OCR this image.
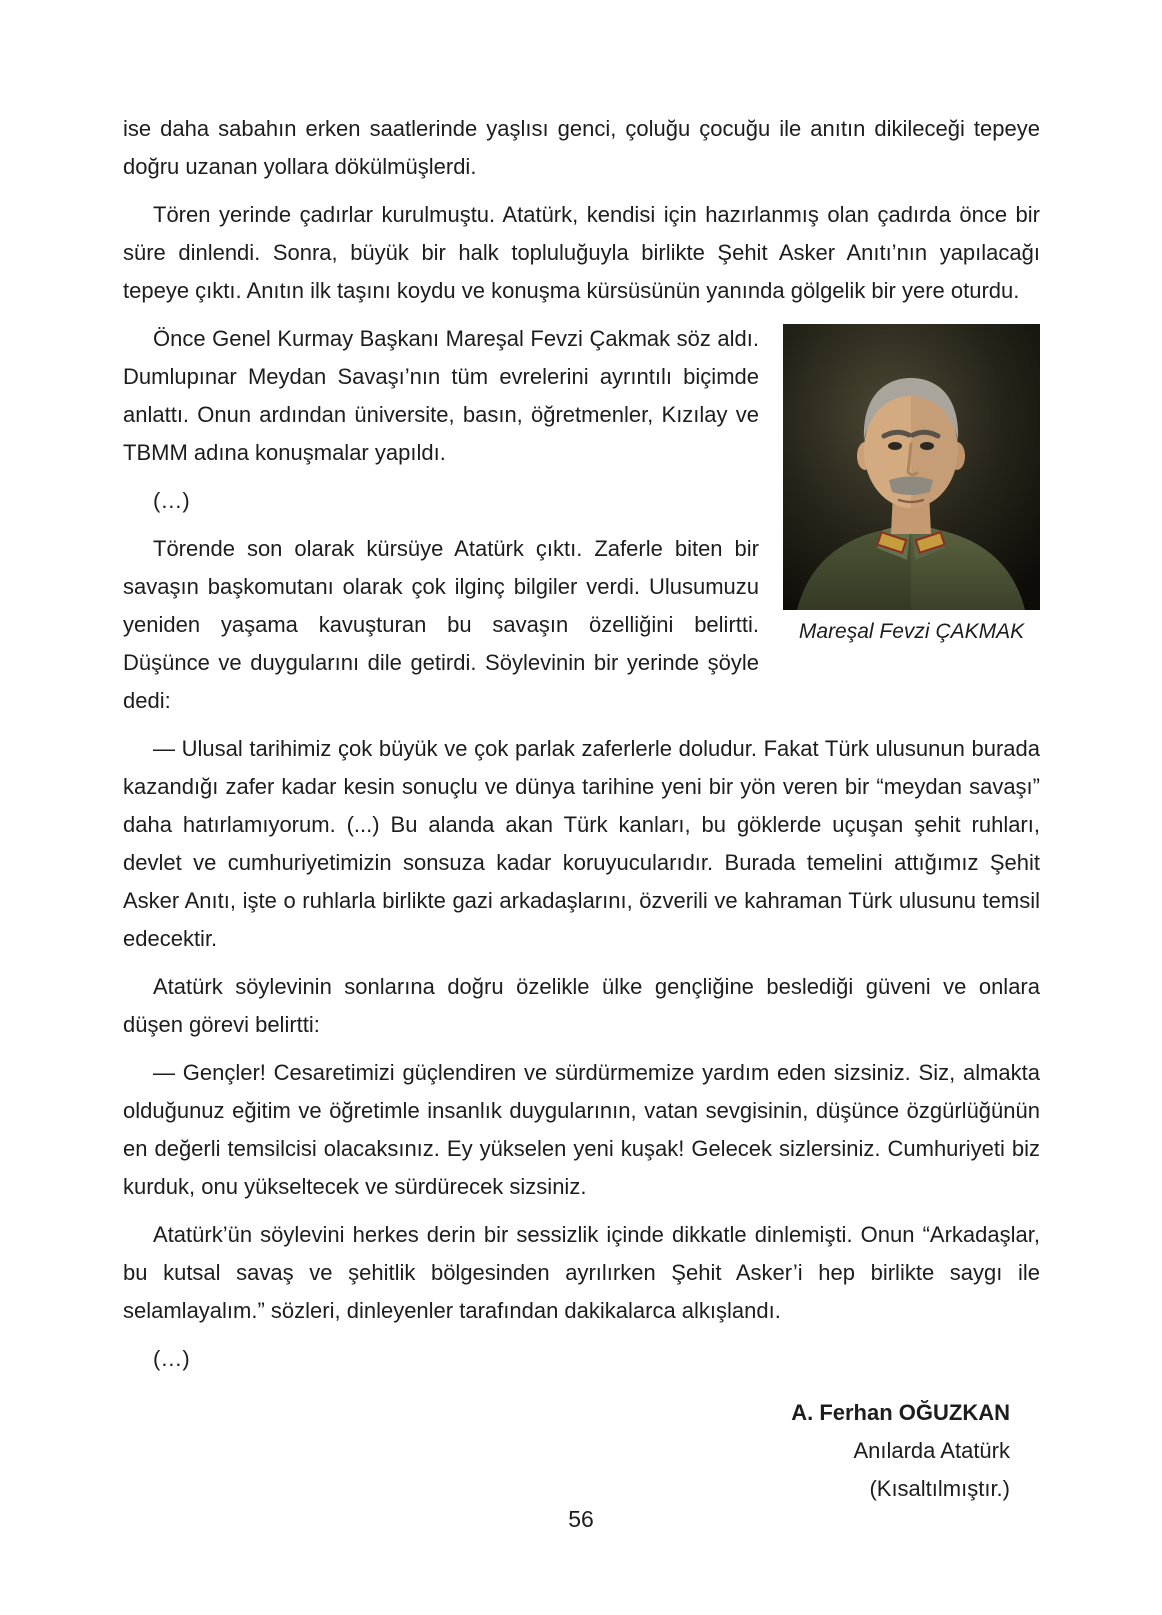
ise daha sabahın erken saatlerinde yaşlısı genci, çoluğu çocuğu ile anıtın dikileceği tepeye doğru uzanan yollara dökülmüşlerdi.

Tören yerinde çadırlar kurulmuştu. Atatürk, kendisi için hazırlanmış olan çadırda önce bir süre dinlendi. Sonra, büyük bir halk topluluğuyla birlikte Şehit Asker Anıtı’nın yapılacağı tepeye çıktı. Anıtın ilk taşını koydu ve konuşma kürsüsünün yanında gölgelik bir yere oturdu.

Mareşal Fevzi ÇAKMAK

Önce Genel Kurmay Başkanı Mareşal Fevzi Çakmak söz aldı. Dumlupınar Meydan Savaşı’nın tüm evrelerini ayrıntılı biçimde anlattı. Onun ardından üniversite, basın, öğretmenler, Kızılay ve TBMM adına konuşmalar yapıldı.

(…)

Törende son olarak kürsüye Atatürk çıktı. Zaferle biten bir savaşın başkomutanı olarak çok ilginç bilgiler verdi. Ulusumuzu yeniden yaşama kavuşturan bu savaşın özelliğini belirtti. Düşünce ve duygularını dile getirdi. Söylevinin bir yerinde şöyle dedi:

— Ulusal tarihimiz çok büyük ve çok parlak zaferlerle doludur. Fakat Türk ulusunun burada kazandığı zafer kadar kesin sonuçlu ve dünya tarihine yeni bir yön veren bir “meydan savaşı” daha hatırlamıyorum. (...) Bu alanda akan Türk kanları, bu göklerde uçuşan şehit ruhları, devlet ve cumhuriyetimizin sonsuza kadar koruyucularıdır. Burada temelini attığımız Şehit Asker Anıtı, işte o ruhlarla birlikte gazi arkadaşlarını, özverili ve kahraman Türk ulusunu temsil edecektir.

Atatürk söylevinin sonlarına doğru özelikle ülke gençliğine beslediği güveni ve onlara düşen görevi belirtti:

— Gençler! Cesaretimizi güçlendiren ve sürdürmemize yardım eden sizsiniz. Siz, almakta olduğunuz eğitim ve öğretimle insanlık duygularının, vatan sevgisinin, düşünce özgürlüğünün en değerli temsilcisi olacaksınız. Ey yükselen yeni kuşak! Gelecek sizlersiniz. Cumhuriyeti biz kurduk, onu yükseltecek ve sürdürecek sizsiniz.

Atatürk’ün söylevini herkes derin bir sessizlik içinde dikkatle dinlemişti. Onun “Arkadaşlar, bu kutsal savaş ve şehitlik bölgesinden ayrılırken Şehit Asker’i hep birlikte saygı ile selamlayalım.” sözleri, dinleyenler tarafından dakikalarca alkışlandı.

(…)

A. Ferhan OĞUZKAN
Anılarda Atatürk
(Kısaltılmıştır.)
56
